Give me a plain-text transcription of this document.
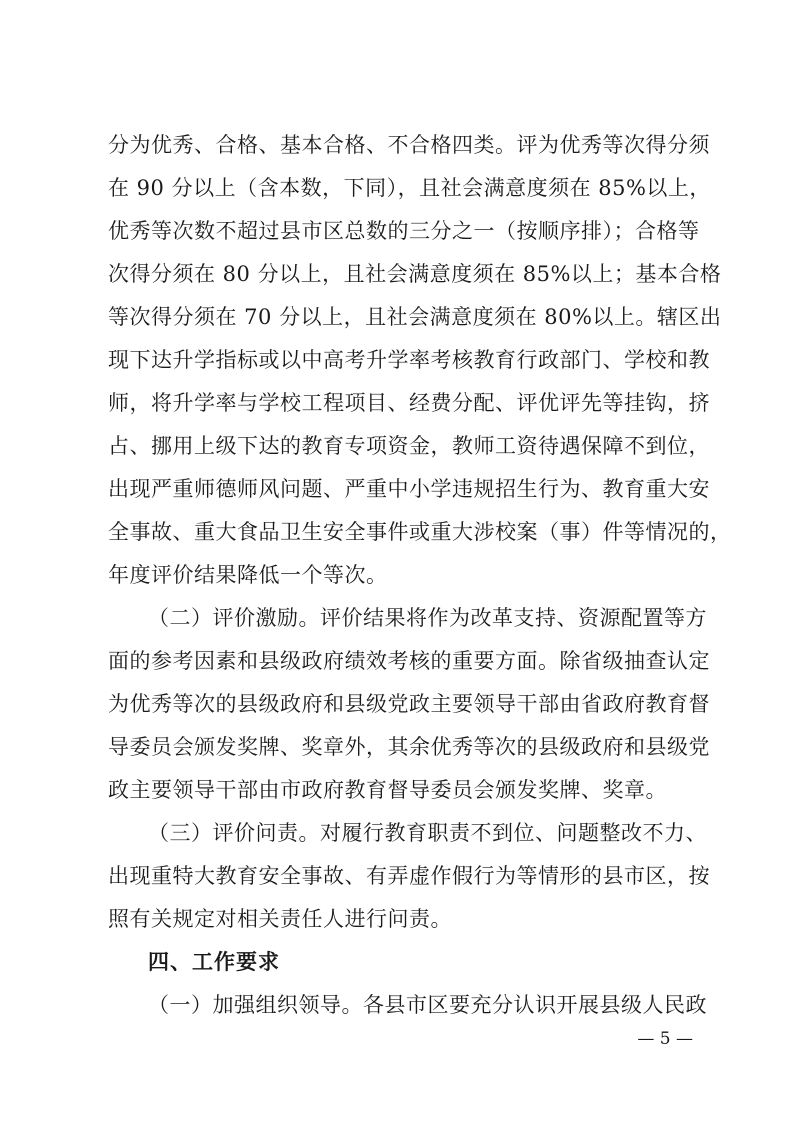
分为优秀、合格、基本合格、不合格四类。评为优秀等次得分须
在 90 分以上（含本数，下同），且社会满意度须在 85%以上，
优秀等次数不超过县市区总数的三分之一（按顺序排）；合格等
次得分须在 80 分以上，且社会满意度须在 85%以上；基本合格
等次得分须在 70 分以上，且社会满意度须在 80%以上。辖区出
现下达升学指标或以中高考升学率考核教育行政部门、学校和教
师，将升学率与学校工程项目、经费分配、评优评先等挂钩，挤
占、挪用上级下达的教育专项资金，教师工资待遇保障不到位，
出现严重师德师风问题、严重中小学违规招生行为、教育重大安
全事故、重大食品卫生安全事件或重大涉校案（事）件等情况的，
年度评价结果降低一个等次。
（二）评价激励。评价结果将作为改革支持、资源配置等方
面的参考因素和县级政府绩效考核的重要方面。除省级抽查认定
为优秀等次的县级政府和县级党政主要领导干部由省政府教育督
导委员会颁发奖牌、奖章外，其余优秀等次的县级政府和县级党
政主要领导干部由市政府教育督导委员会颁发奖牌、奖章。
（三）评价问责。对履行教育职责不到位、问题整改不力、
出现重特大教育安全事故、有弄虚作假行为等情形的县市区，按
照有关规定对相关责任人进行问责。
四、工作要求
（一）加强组织领导。各县市区要充分认识开展县级人民政
— 5 —
